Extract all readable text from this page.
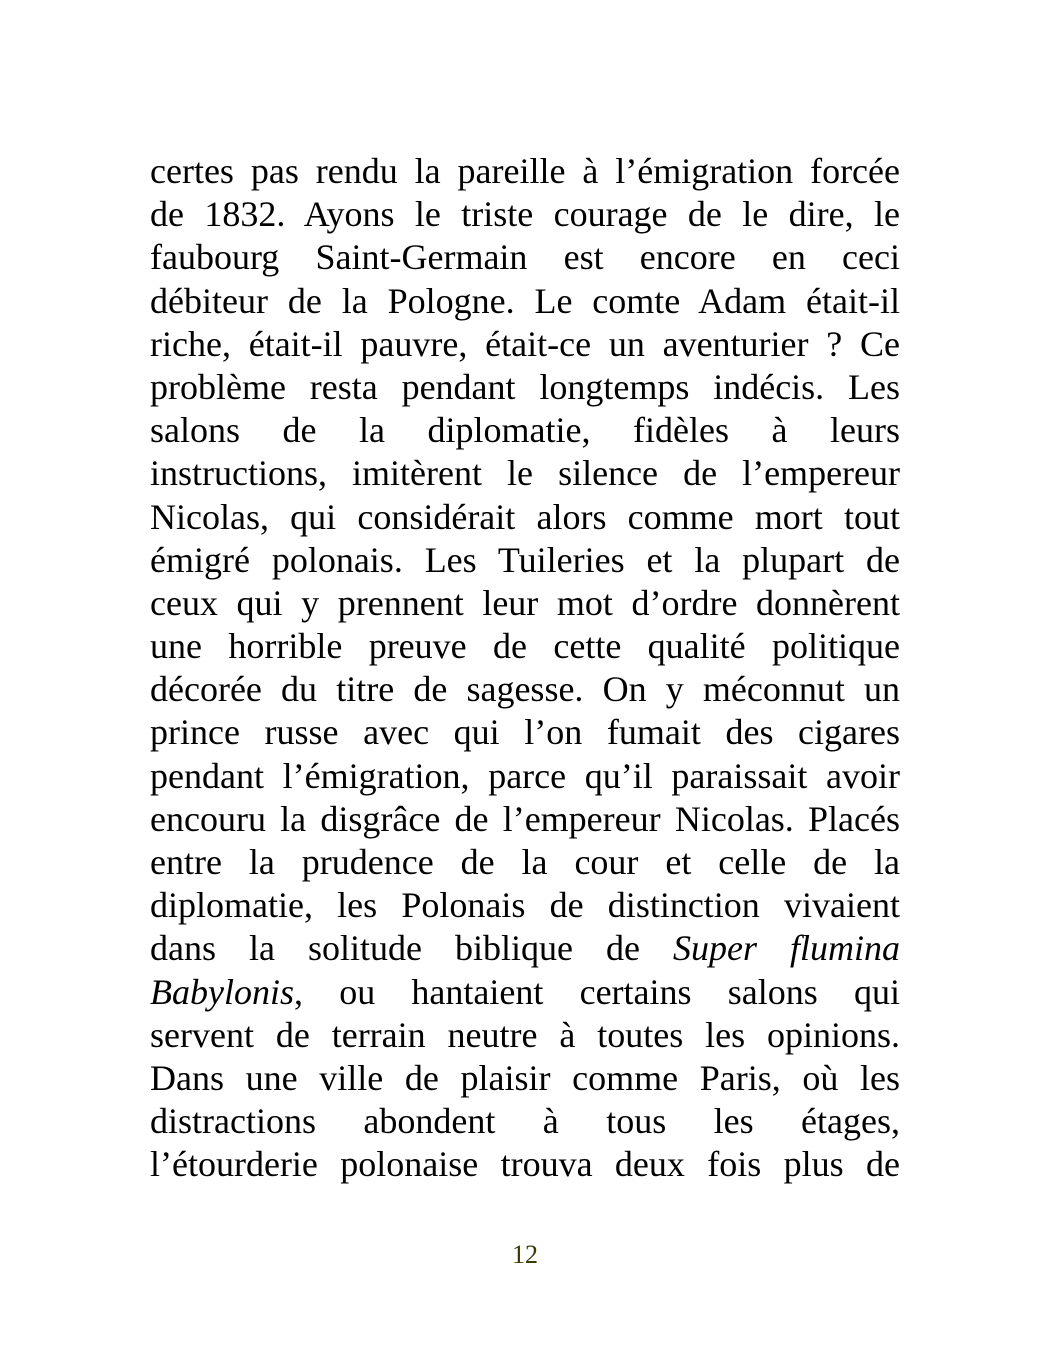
certes pas rendu la pareille à l’émigration forcée
de 1832. Ayons le triste courage de le dire, le
faubourg Saint-Germain est encore en ceci
débiteur de la Pologne. Le comte Adam était-il
riche, était-il pauvre, était-ce un aventurier ? Ce
problème resta pendant longtemps indécis. Les
salons de la diplomatie, fidèles à leurs
instructions, imitèrent le silence de l’empereur
Nicolas, qui considérait alors comme mort tout
émigré polonais. Les Tuileries et la plupart de
ceux qui y prennent leur mot d’ordre donnèrent
une horrible preuve de cette qualité politique
décorée du titre de sagesse. On y méconnut un
prince russe avec qui l’on fumait des cigares
pendant l’émigration, parce qu’il paraissait avoir
encouru la disgrâce de l’empereur Nicolas. Placés
entre la prudence de la cour et celle de la
diplomatie, les Polonais de distinction vivaient
dans la solitude biblique de Super flumina
Babylonis, ou hantaient certains salons qui
servent de terrain neutre à toutes les opinions.
Dans une ville de plaisir comme Paris, où les
distractions abondent à tous les étages,
l’étourderie polonaise trouva deux fois plus de
12
